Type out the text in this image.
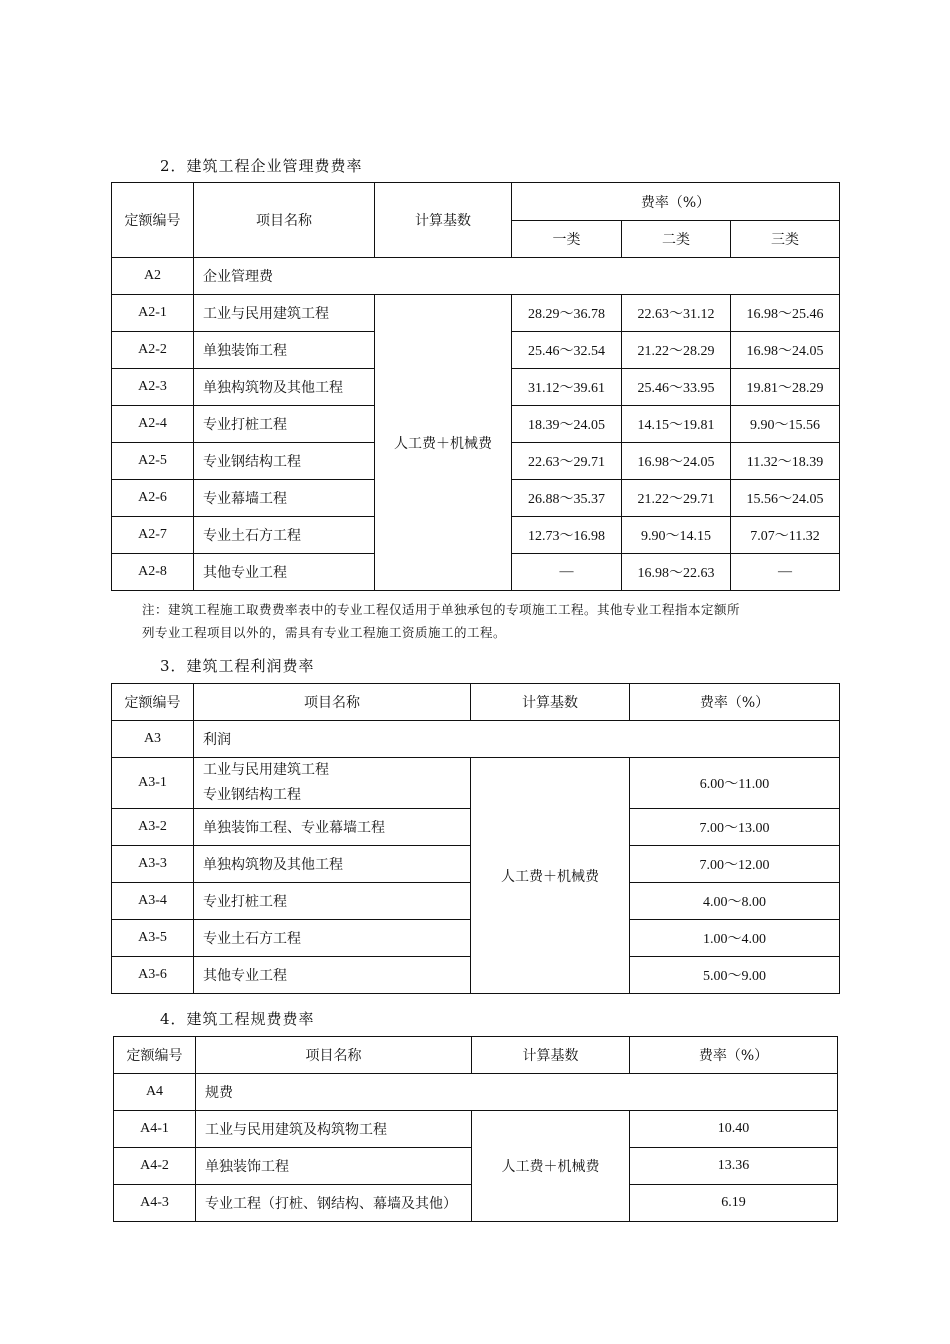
2．建筑工程企业管理费费率
定额编号	项目名称	计算基数	费率（%）		
			一类	二类	三类
A2	企业管理费				
A2-1	工业与民用建筑工程	人工费＋机械费	28.29～36.78	22.63～31.12	16.98～25.46
A2-2	单独装饰工程		25.46～32.54	21.22～28.29	16.98～24.05
A2-3	单独构筑物及其他工程		31.12～39.61	25.46～33.95	19.81～28.29
A2-4	专业打桩工程		18.39～24.05	14.15～19.81	9.90～15.56
A2-5	专业钢结构工程		22.63～29.71	16.98～24.05	11.32～18.39
A2-6	专业幕墙工程		26.88～35.37	21.22～29.71	15.56～24.05
A2-7	专业土石方工程		12.73～16.98	9.90～14.15	7.07～11.32
A2-8	其他专业工程		—	16.98～22.63	—
注：建筑工程施工取费费率表中的专业工程仅适用于单独承包的专项施工工程。其他专业工程指本定额所
列专业工程项目以外的，需具有专业工程施工资质施工的工程。
3．建筑工程利润费率
定额编号	项目名称	计算基数	费率（%）
A3	利润		
A3-1	工业与民用建筑工程
专业钢结构工程	人工费＋机械费	6.00～11.00
A3-2	单独装饰工程、专业幕墙工程		7.00～13.00
A3-3	单独构筑物及其他工程		7.00～12.00
A3-4	专业打桩工程		4.00～8.00
A3-5	专业土石方工程		1.00～4.00
A3-6	其他专业工程		5.00～9.00
4．建筑工程规费费率
定额编号	项目名称	计算基数	费率（%）
A4	规费		
A4-1	工业与民用建筑及构筑物工程	人工费＋机械费	10.40
A4-2	单独装饰工程		13.36
A4-3	专业工程（打桩、钢结构、幕墙及其他）		6.19
